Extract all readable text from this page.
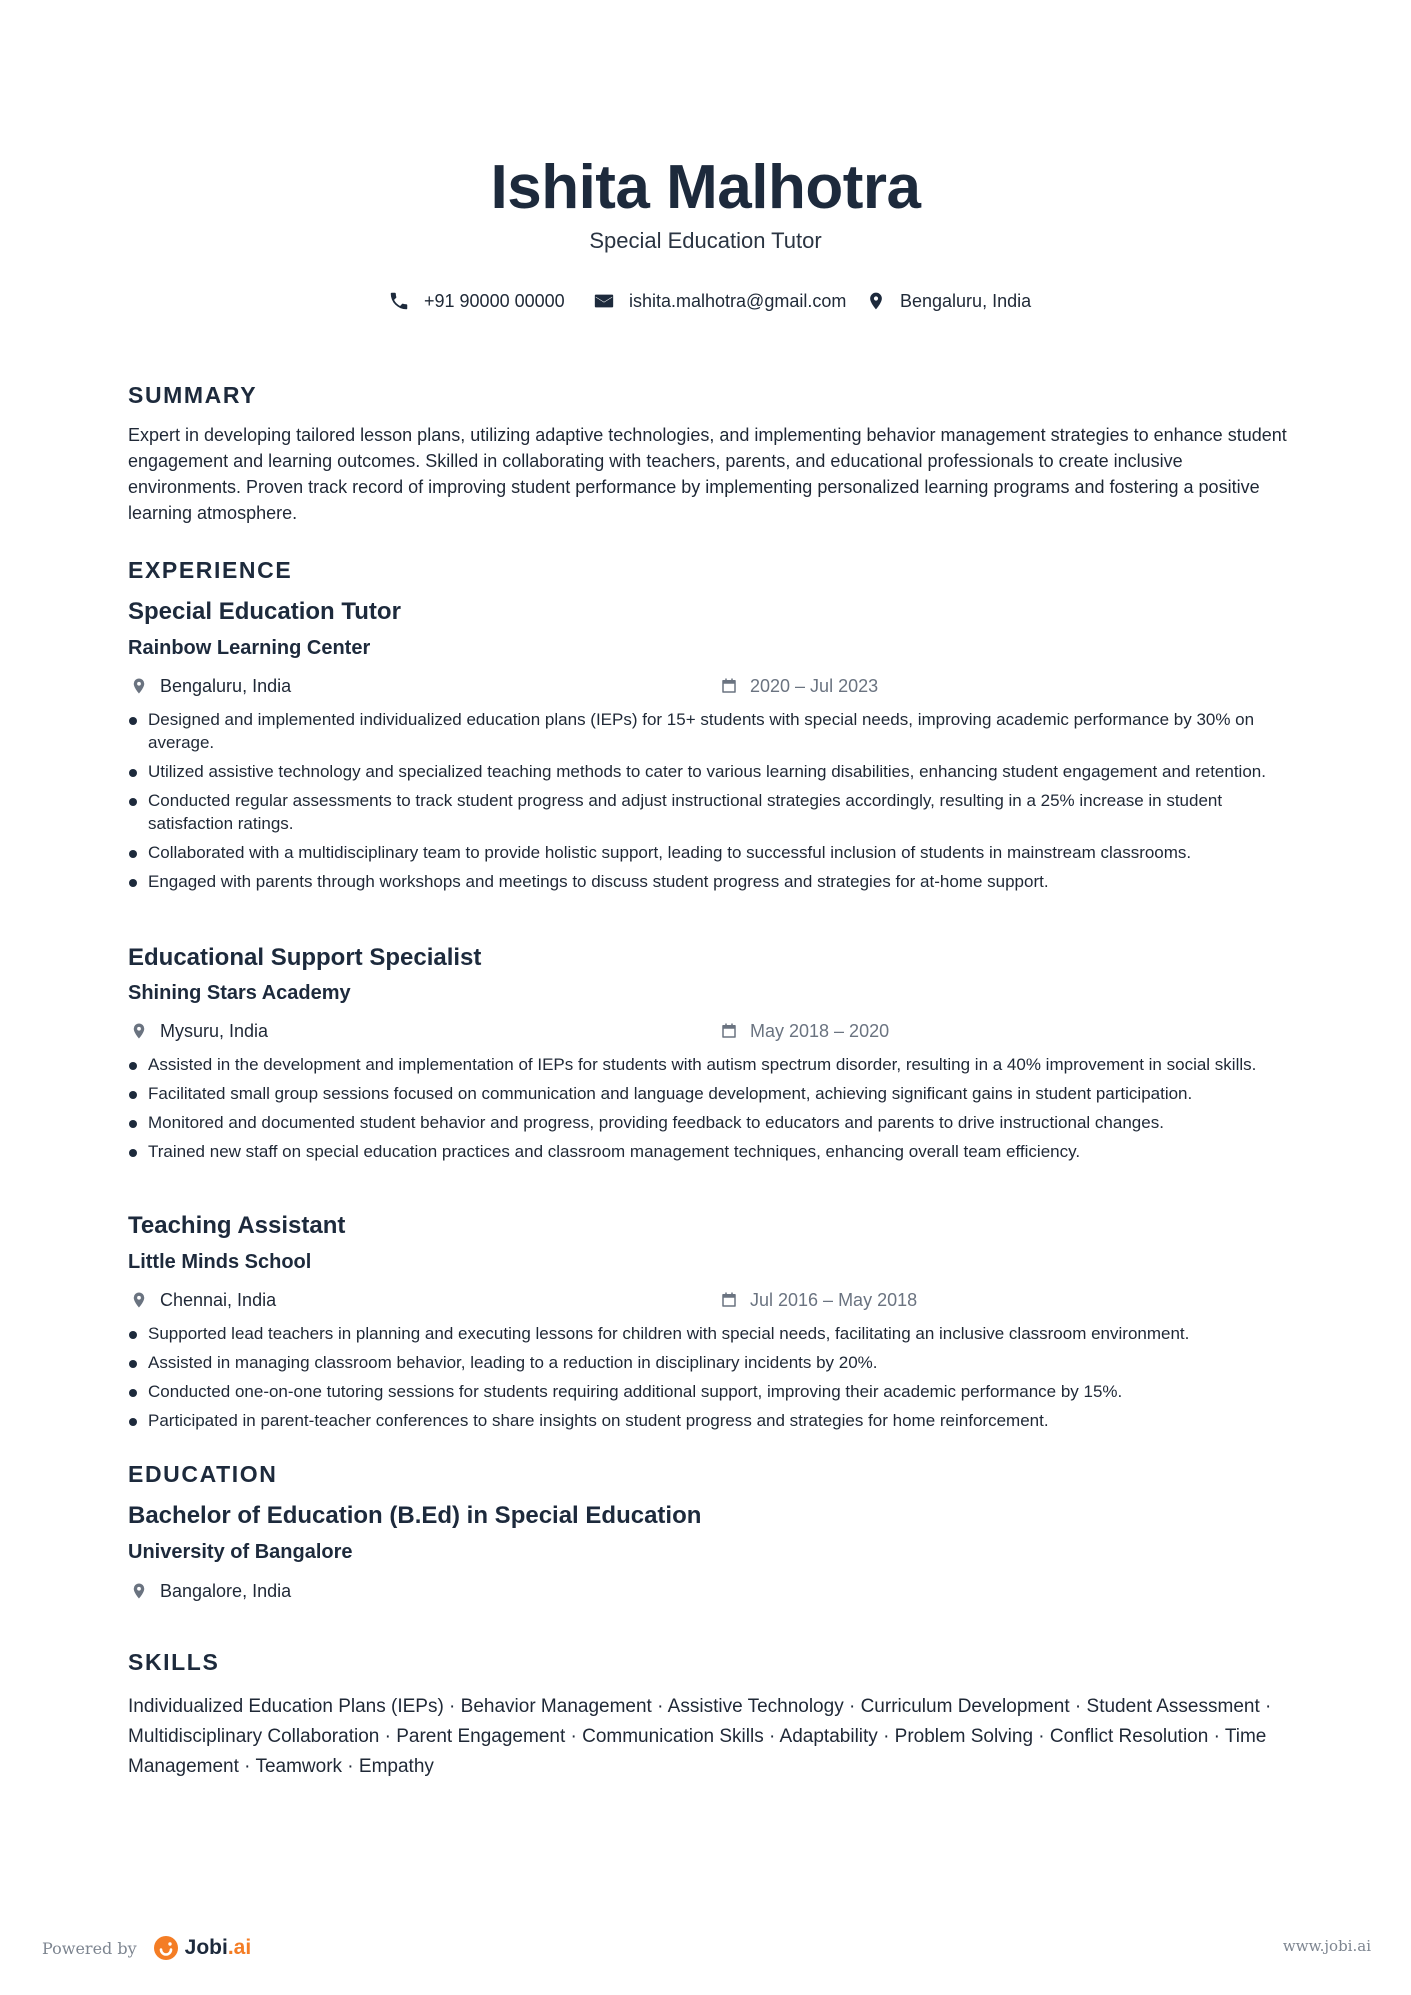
Ishita Malhotra
Special Education Tutor
+91 90000 00000	ishita.malhotra@gmail.com	Bengaluru, India
SUMMARY

Expert in developing tailored lesson plans, utilizing adaptive technologies, and implementing behavior management strategies to enhance student engagement and learning outcomes. Skilled in collaborating with teachers, parents, and educational professionals to create inclusive environments. Proven track record of improving student performance by implementing personalized learning programs and fostering a positive learning atmosphere.

EXPERIENCE
Special Education Tutor
Rainbow Learning Center
Bengaluru, India	2020 – Jul 2023
Designed and implemented individualized education plans (IEPs) for 15+ students with special needs, improving academic performance by 30% on average.
Utilized assistive technology and specialized teaching methods to cater to various learning disabilities, enhancing student engagement and retention.
Conducted regular assessments to track student progress and adjust instructional strategies accordingly, resulting in a 25% increase in student satisfaction ratings.
Collaborated with a multidisciplinary team to provide holistic support, leading to successful inclusion of students in mainstream classrooms.
Engaged with parents through workshops and meetings to discuss student progress and strategies for at-home support.
Educational Support Specialist
Shining Stars Academy
Mysuru, India	May 2018 – 2020
Assisted in the development and implementation of IEPs for students with autism spectrum disorder, resulting in a 40% improvement in social skills.
Facilitated small group sessions focused on communication and language development, achieving significant gains in student participation.
Monitored and documented student behavior and progress, providing feedback to educators and parents to drive instructional changes.
Trained new staff on special education practices and classroom management techniques, enhancing overall team efficiency.
Teaching Assistant
Little Minds School
Chennai, India	Jul 2016 – May 2018
Supported lead teachers in planning and executing lessons for children with special needs, facilitating an inclusive classroom environment.
Assisted in managing classroom behavior, leading to a reduction in disciplinary incidents by 20%.
Conducted one-on-one tutoring sessions for students requiring additional support, improving their academic performance by 15%.
Participated in parent-teacher conferences to share insights on student progress and strategies for home reinforcement.
EDUCATION
Bachelor of Education (B.Ed) in Special Education
University of Bangalore
Bangalore, India
SKILLS

Individualized Education Plans (IEPs) · Behavior Management · Assistive Technology · Curriculum Development · Student Assessment · Multidisciplinary Collaboration · Parent Engagement · Communication Skills · Adaptability · Problem Solving · Conflict Resolution · Time Management · Teamwork · Empathy

Powered by Jobi.ai	www.jobi.ai
